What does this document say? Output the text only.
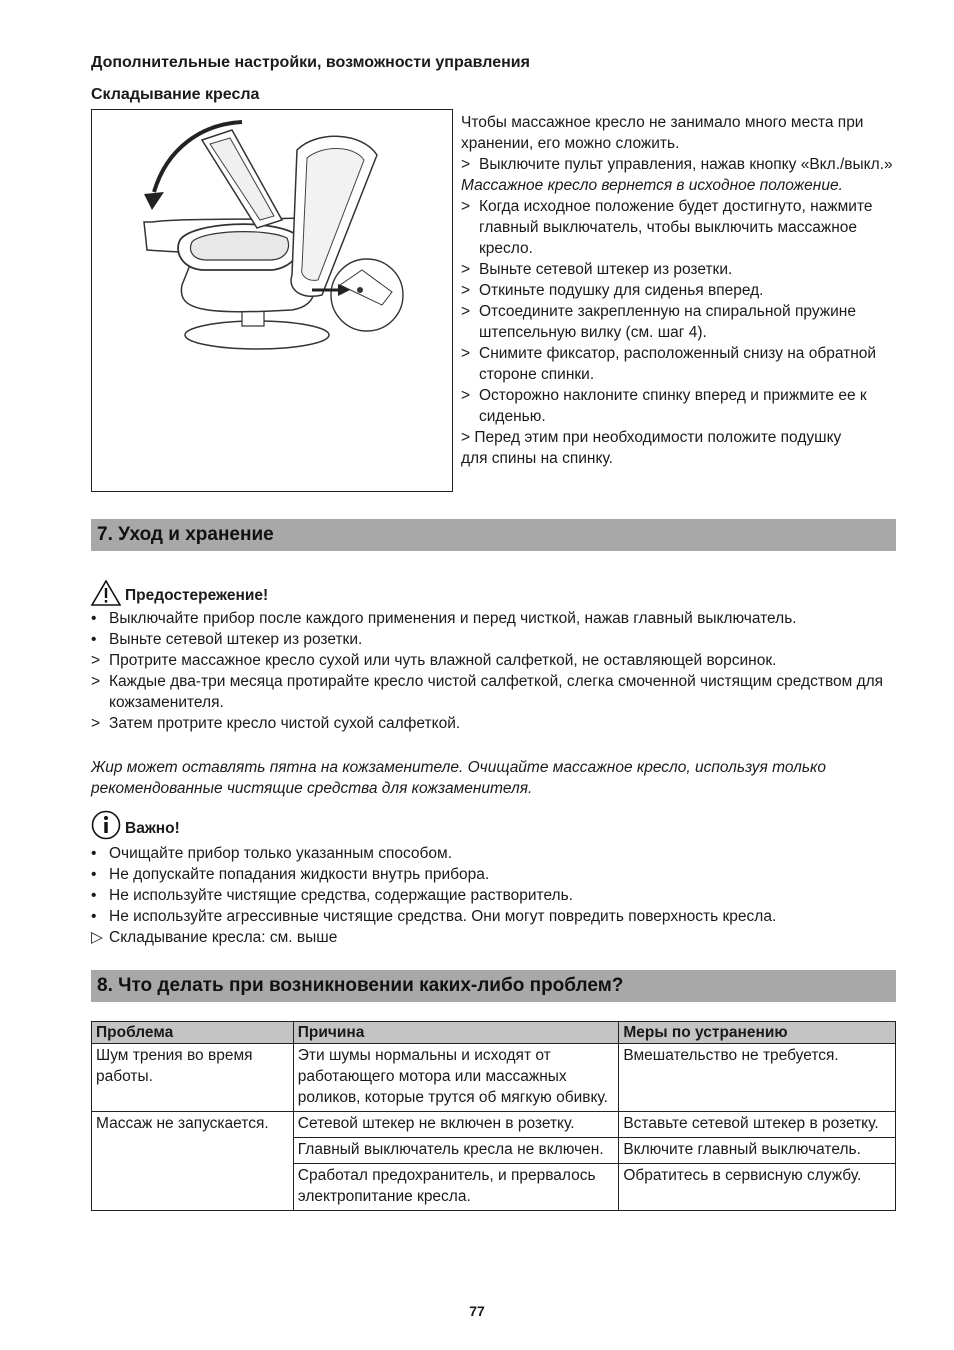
Дополнительные настройки, возможности управления
Складывание кресла

Чтобы массажное кресло не занимало много места при хранении, его можно сложить.

> Выключите пульт управления, нажав кнопку «Вкл./выкл.»

Массажное кресло вернется в исходное положение.

> Когда исходное положение будет достигнуто, нажмите главный выключатель, чтобы выключить массажное кресло.
> Выньте сетевой штекер из розетки.
> Откиньте подушку для сиденья вперед.
> Отсоедините закрепленную на спиральной пружине штепсельную вилку (см. шаг 4).
> Снимите фиксатор, расположенный снизу на обратной стороне спинки.
> Осторожно наклоните спинку вперед и прижмите ее к сиденью.

> Перед этим при необходимости положите подушку

для спины на спинку.

7. Уход и хранение
Предостережение!
• Выключайте прибор после каждого применения и перед чисткой, нажав главный выключатель.
• Выньте сетевой штекер из розетки.
> Протрите массажное кресло сухой или чуть влажной салфеткой, не оставляющей ворсинок.
> Каждые два-три месяца протирайте кресло чистой салфеткой, слегка смоченной чистящим средством для кожзаменителя.
> Затем протрите кресло чистой сухой салфеткой.
Жир может оставлять пятна на кожзаменителе. Очищайте массажное кресло, используя только рекомендованные чистящие средства для кожзаменителя.
Важно!
• Очищайте прибор только указанным способом.
• Не допускайте попадания жидкости внутрь прибора.
• Не используйте чистящие средства, содержащие растворитель.
• Не используйте агрессивные чистящие средства. Они могут повредить поверхность кресла.
▷ Складывание кресла: см. выше
8. Что делать при возникновении каких-либо проблем?
Проблема	Причина	Меры по устранению
Шум трения во время работы.	Эти шумы нормальны и исходят от работающего мотора или массажных роликов, которые трутся об мягкую обивку.	Вмешательство не требуется.
Массаж не запускается.	Сетевой штекер не включен в розетку.	Вставьте сетевой штекер в розетку.
	Главный выключатель кресла не включен.	Включите главный выключатель.
	Сработал предохранитель, и прервалось электропитание кресла.	Обратитесь в сервисную службу.
77
